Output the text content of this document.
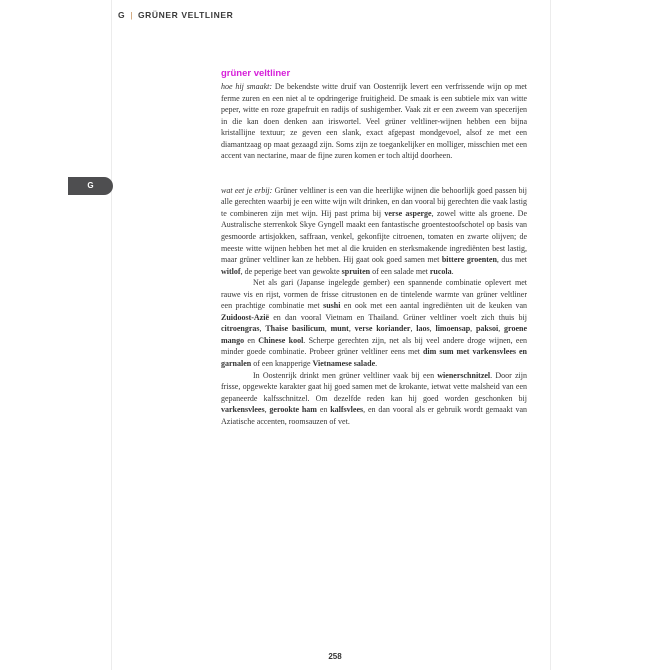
G | GRÜNER VELTLINER
G
grüner veltliner

hoe hij smaakt: De bekendste witte druif van Oostenrijk levert een verfrissende wijn op met ferme zuren en een niet al te opdringerige fruitigheid. De smaak is een subtiele mix van witte peper, witte en roze grapefruit en radijs of sushigember. Vaak zit er een zweem van specerijen in die kan doen denken aan iriswortel. Veel grüner veltliner-wijnen hebben een bijna kristallijne textuur; ze geven een slank, exact afgepast mondgevoel, alsof ze met een diamantzaag op maat gezaagd zijn. Soms zijn ze toegankelijker en molliger, misschien met een accent van nectarine, maar de fijne zuren komen er toch altijd doorheen.

wat eet je erbij: Grüner veltliner is een van die heerlijke wijnen die behoorlijk goed passen bij alle gerechten waarbij je een witte wijn wilt drinken, en dan vooral bij gerechten die vaak lastig te combineren zijn met wijn. Hij past prima bij verse asperge, zowel witte als groene. De Australische sterrenkok Skye Gyngell maakt een fantastische groentestoofschotel op basis van gesmoorde artisjokken, saffraan, venkel, gekonfijte citroenen, tomaten en zwarte olijven; de meeste witte wijnen hebben het met al die kruiden en sterksmakende ingrediënten best lastig, maar grüner veltliner kan ze hebben. Hij gaat ook goed samen met bittere groenten, dus met witlof, de peperige beet van gewokte spruiten of een salade met rucola.

Net als gari (Japanse ingelegde gember) een spannende combinatie oplevert met rauwe vis en rijst, vormen de frisse citrustonen en de tintelende warmte van grüner veltliner een prachtige combinatie met sushi en ook met een aantal ingrediënten uit de keuken van Zuidoost-Azië en dan vooral Vietnam en Thailand. Grüner veltliner voelt zich thuis bij citroengras, Thaise basilicum, munt, verse koriander, laos, limoensap, paksoi, groene mango en Chinese kool. Scherpe gerechten zijn, net als bij veel andere droge wijnen, een minder goede combinatie. Probeer grüner veltliner eens met dim sum met varkensvlees en garnalen of een knapperige Vietnamese salade.

In Oostenrijk drinkt men grüner veltliner vaak bij een wienerschnitzel. Door zijn frisse, opgewekte karakter gaat hij goed samen met de krokante, ietwat vette malsheid van een gepaneerde kalfsschnitzel. Om dezelfde reden kan hij goed worden geschonken bij varkensvlees, gerookte ham en kalfsvlees, en dan vooral als er gebruik wordt gemaakt van Aziatische accenten, roomsauzen of vet.

258
